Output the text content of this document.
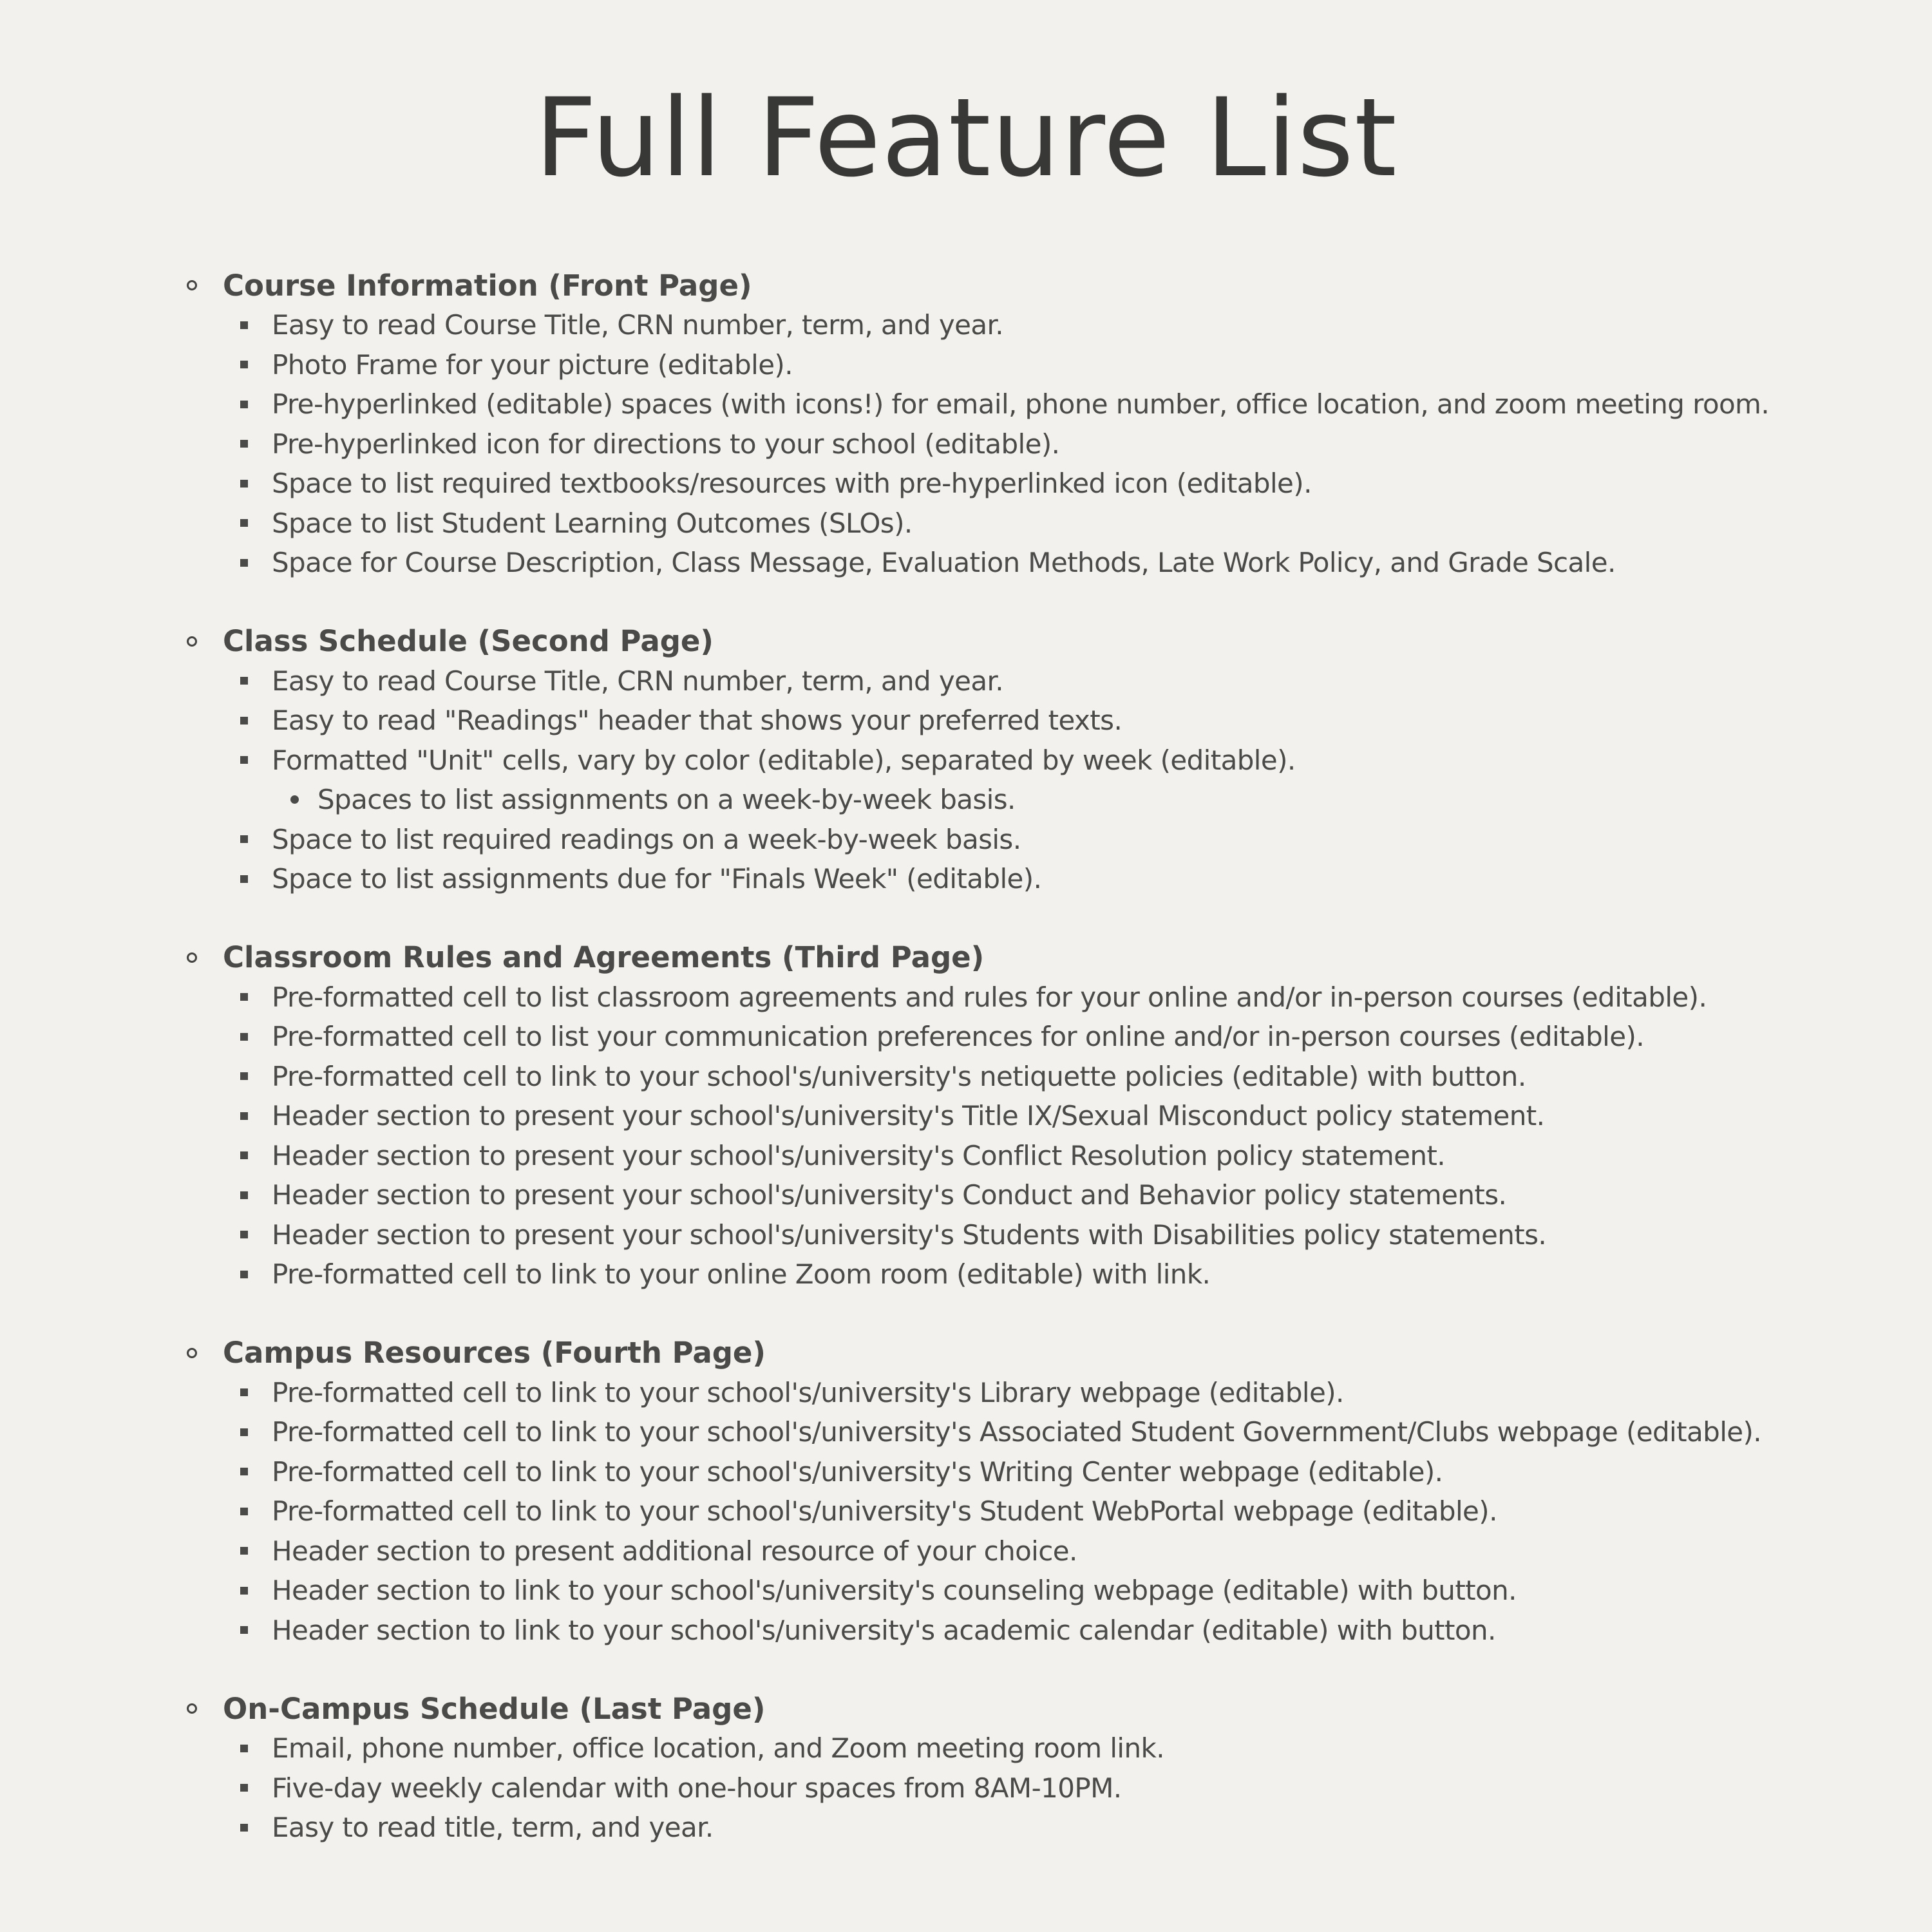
Full Feature List
Course Information (Front Page)
Easy to read Course Title, CRN number, term, and year.
Photo Frame for your picture (editable).
Pre-hyperlinked (editable) spaces (with icons!) for email, phone number, office location, and zoom meeting room.
Pre-hyperlinked icon for directions to your school (editable).
Space to list required textbooks/resources with pre-hyperlinked icon (editable).
Space to list Student Learning Outcomes (SLOs).
Space for Course Description, Class Message, Evaluation Methods, Late Work Policy, and Grade Scale.
Class Schedule (Second Page)
Easy to read Course Title, CRN number, term, and year.
Easy to read "Readings" header that shows your preferred texts.
Formatted "Unit" cells, vary by color (editable), separated by week (editable).
Spaces to list assignments on a week-by-week basis.
Space to list required readings on a week-by-week basis.
Space to list assignments due for "Finals Week" (editable).
Classroom Rules and Agreements (Third Page)
Pre-formatted cell to list classroom agreements and rules for your online and/or in-person courses (editable).
Pre-formatted cell to list your communication preferences for online and/or in-person courses (editable).
Pre-formatted cell to link to your school's/university's netiquette policies (editable) with button.
Header section to present your school's/university's Title IX/Sexual Misconduct policy statement.
Header section to present your school's/university's Conflict Resolution policy statement.
Header section to present your school's/university's Conduct and Behavior policy statements.
Header section to present your school's/university's Students with Disabilities policy statements.
Pre-formatted cell to link to your online Zoom room (editable) with link.
Campus Resources (Fourth Page)
Pre-formatted cell to link to your school's/university's Library webpage (editable).
Pre-formatted cell to link to your school's/university's Associated Student Government/Clubs webpage (editable).
Pre-formatted cell to link to your school's/university's Writing Center webpage (editable).
Pre-formatted cell to link to your school's/university's Student WebPortal webpage (editable).
Header section to present additional resource of your choice.
Header section to link to your school's/university's counseling webpage (editable) with button.
Header section to link to your school's/university's academic calendar (editable) with button.
On-Campus Schedule (Last Page)
Email, phone number, office location, and Zoom meeting room link.
Five-day weekly calendar with one-hour spaces from 8AM-10PM.
Easy to read title, term, and year.
